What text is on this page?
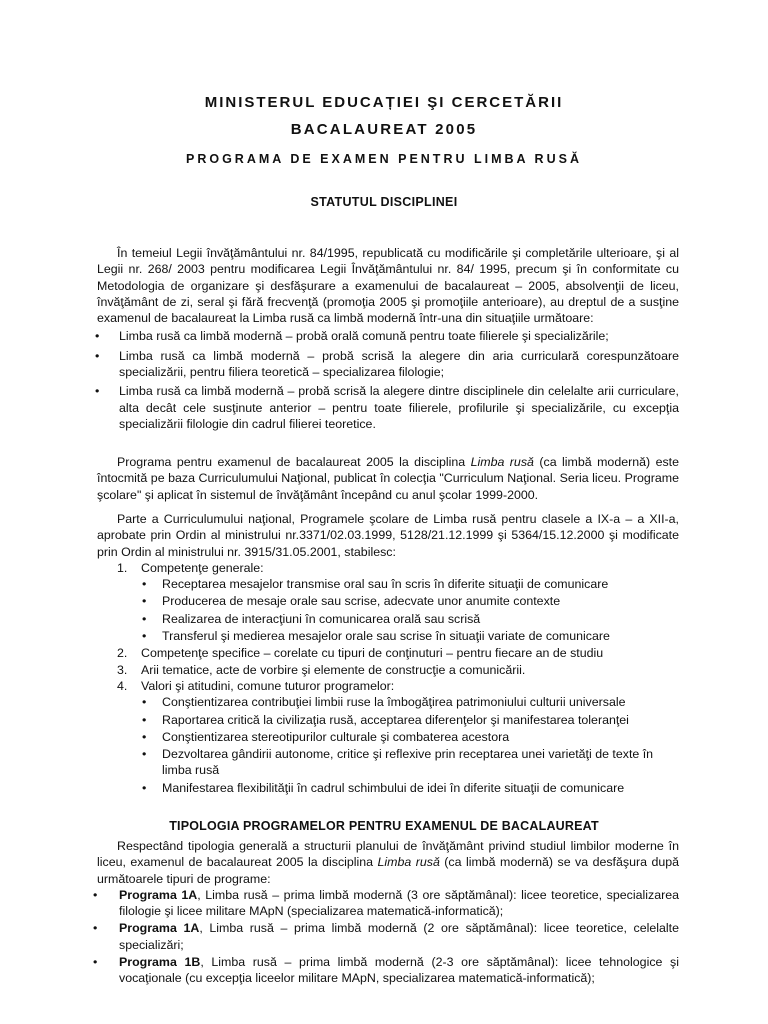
MINISTERUL EDUCAȚIEI ŞI CERCETĂRII
BACALAUREAT 2005
PROGRAMA DE EXAMEN PENTRU LIMBA RUSĂ
STATUTUL DISCIPLINEI

În temeiul Legii învăţământului nr. 84/1995, republicată cu modificările şi completările ulterioare, şi al Legii nr. 268/ 2003 pentru modificarea Legii Învăţământului nr. 84/ 1995, precum şi în conformitate cu Metodologia de organizare şi desfăşurare a examenului de bacalaureat – 2005, absolvenţii de liceu, învăţământ de zi, seral şi fără frecvenţă (promoţia 2005 şi promoţiile anterioare), au dreptul de a susţine examenul de bacalaureat la Limba rusă ca limbă modernă într-una din situaţiile următoare:

• Limba rusă ca limbă modernă – probă orală comună pentru toate filierele şi specializările;
• Limba rusă ca limbă modernă – probă scrisă la alegere din aria curriculară corespunzătoare specializării, pentru filiera teoretică – specializarea filologie;
• Limba rusă ca limbă modernă – probă scrisă la alegere dintre disciplinele din celelalte arii curriculare, alta decât cele susţinute anterior – pentru toate filierele, profilurile şi specializările, cu excepţia specializării filologie din cadrul filierei teoretice.

Programa pentru examenul de bacalaureat 2005 la disciplina Limba rusă (ca limbă modernă) este întocmită pe baza Curriculumului Naţional, publicat în colecţia "Curriculum Naţional. Seria liceu. Programe şcolare" şi aplicat în sistemul de învăţământ începând cu anul şcolar 1999-2000.

Parte a Curriculumului naţional, Programele şcolare de Limba rusă pentru clasele a IX-a – a XII-a, aprobate prin Ordin al ministrului nr.3371/02.03.1999, 5128/21.12.1999 şi 5364/15.12.2000 şi modificate prin Ordin al ministrului nr. 3915/31.05.2001, stabilesc:

1. Competenţe generale:
• Receptarea mesajelor transmise oral sau în scris în diferite situaţii de comunicare
• Producerea de mesaje orale sau scrise, adecvate unor anumite contexte
• Realizarea de interacţiuni în comunicarea orală sau scrisă
• Transferul şi medierea mesajelor orale sau scrise în situaţii variate de comunicare
2. Competenţe specifice – corelate cu tipuri de conţinuturi – pentru fiecare an de studiu
3. Arii tematice, acte de vorbire şi elemente de construcţie a comunicării.
4. Valori şi atitudini, comune tuturor programelor:
• Conştientizarea contribuţiei limbii ruse la îmbogăţirea patrimoniului culturii universale
• Raportarea critică la civilizaţia rusă, acceptarea diferenţelor şi manifestarea toleranţei
• Conştientizarea stereotipurilor culturale şi combaterea acestora
• Dezvoltarea gândirii autonome, critice şi reflexive prin receptarea unei varietăţi de texte în limba rusă
• Manifestarea flexibilităţii în cadrul schimbului de idei în diferite situaţii de comunicare
TIPOLOGIA PROGRAMELOR PENTRU EXAMENUL DE BACALAUREAT

Respectând tipologia generală a structurii planului de învăţământ privind studiul limbilor moderne în liceu, examenul de bacalaureat 2005 la disciplina Limba rusă (ca limbă modernă) se va desfăşura după următoarele tipuri de programe:

• Programa 1A, Limba rusă – prima limbă modernă (3 ore săptămânal): licee teoretice, specializarea filologie şi licee militare MApN (specializarea matematică-informatică);
• Programa 1A, Limba rusă – prima limbă modernă (2 ore săptămânal): licee teoretice, celelalte specializări;
• Programa 1B, Limba rusă – prima limbă modernă (2-3 ore săptămânal): licee tehnologice şi vocaţionale (cu excepţia liceelor militare MApN, specializarea matematică-informatică);
